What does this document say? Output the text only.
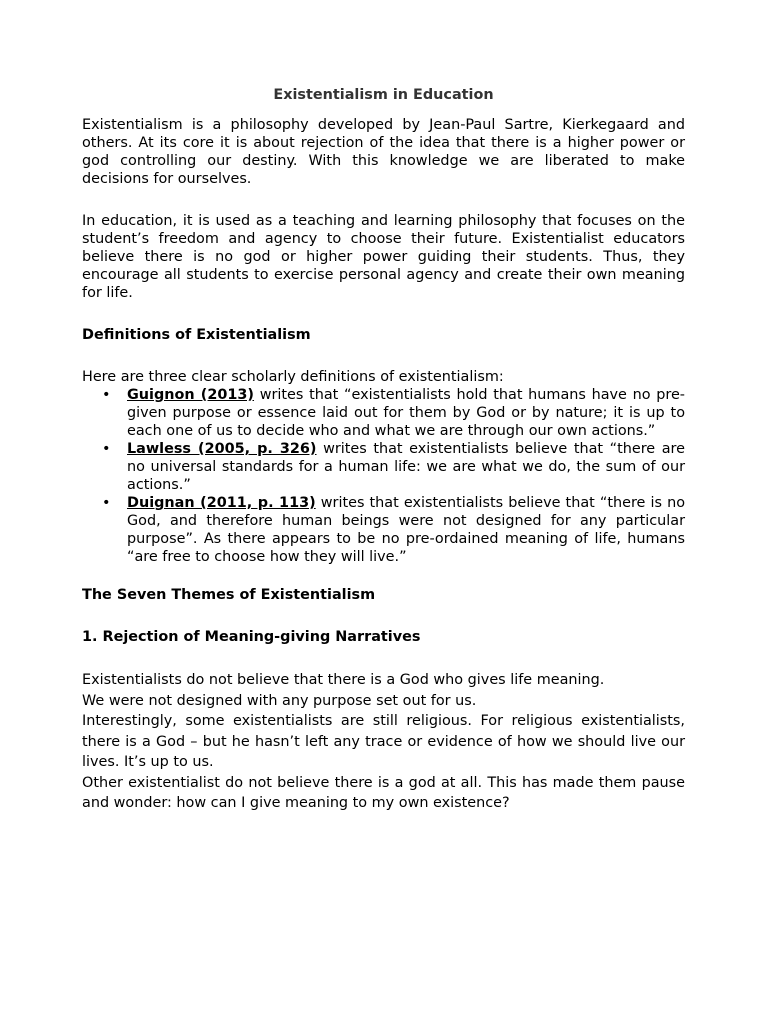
Existentialism in Education

Existentialism is a philosophy developed by Jean-Paul Sartre, Kierkegaard and others. At its core it is about rejection of the idea that there is a higher power or god controlling our destiny. With this knowledge we are liberated to make decisions for ourselves.

In education, it is used as a teaching and learning philosophy that focuses on the student’s freedom and agency to choose their future. Existentialist educators believe there is no god or higher power guiding their students. Thus, they encourage all students to exercise personal agency and create their own meaning for life.

Definitions of Existentialism

Here are three clear scholarly definitions of existentialism:

• Guignon (2013) writes that “existentialists hold that humans have no pre-given purpose or essence laid out for them by God or by nature; it is up to each one of us to decide who and what we are through our own actions.”
• Lawless (2005, p. 326) writes that existentialists believe that “there are no universal standards for a human life: we are what we do, the sum of our actions.”
• Duignan (2011, p. 113) writes that existentialists believe that “there is no God, and therefore human beings were not designed for any particular purpose”. As there appears to be no pre-ordained meaning of life, humans “are free to choose how they will live.”
The Seven Themes of Existentialism
1. Rejection of Meaning-giving Narratives

Existentialists do not believe that there is a God who gives life meaning.

We were not designed with any purpose set out for us.

Interestingly, some existentialists are still religious. For religious existentialists, there is a God – but he hasn’t left any trace or evidence of how we should live our lives. It’s up to us.

Other existentialist do not believe there is a god at all. This has made them pause and wonder: how can I give meaning to my own existence?
